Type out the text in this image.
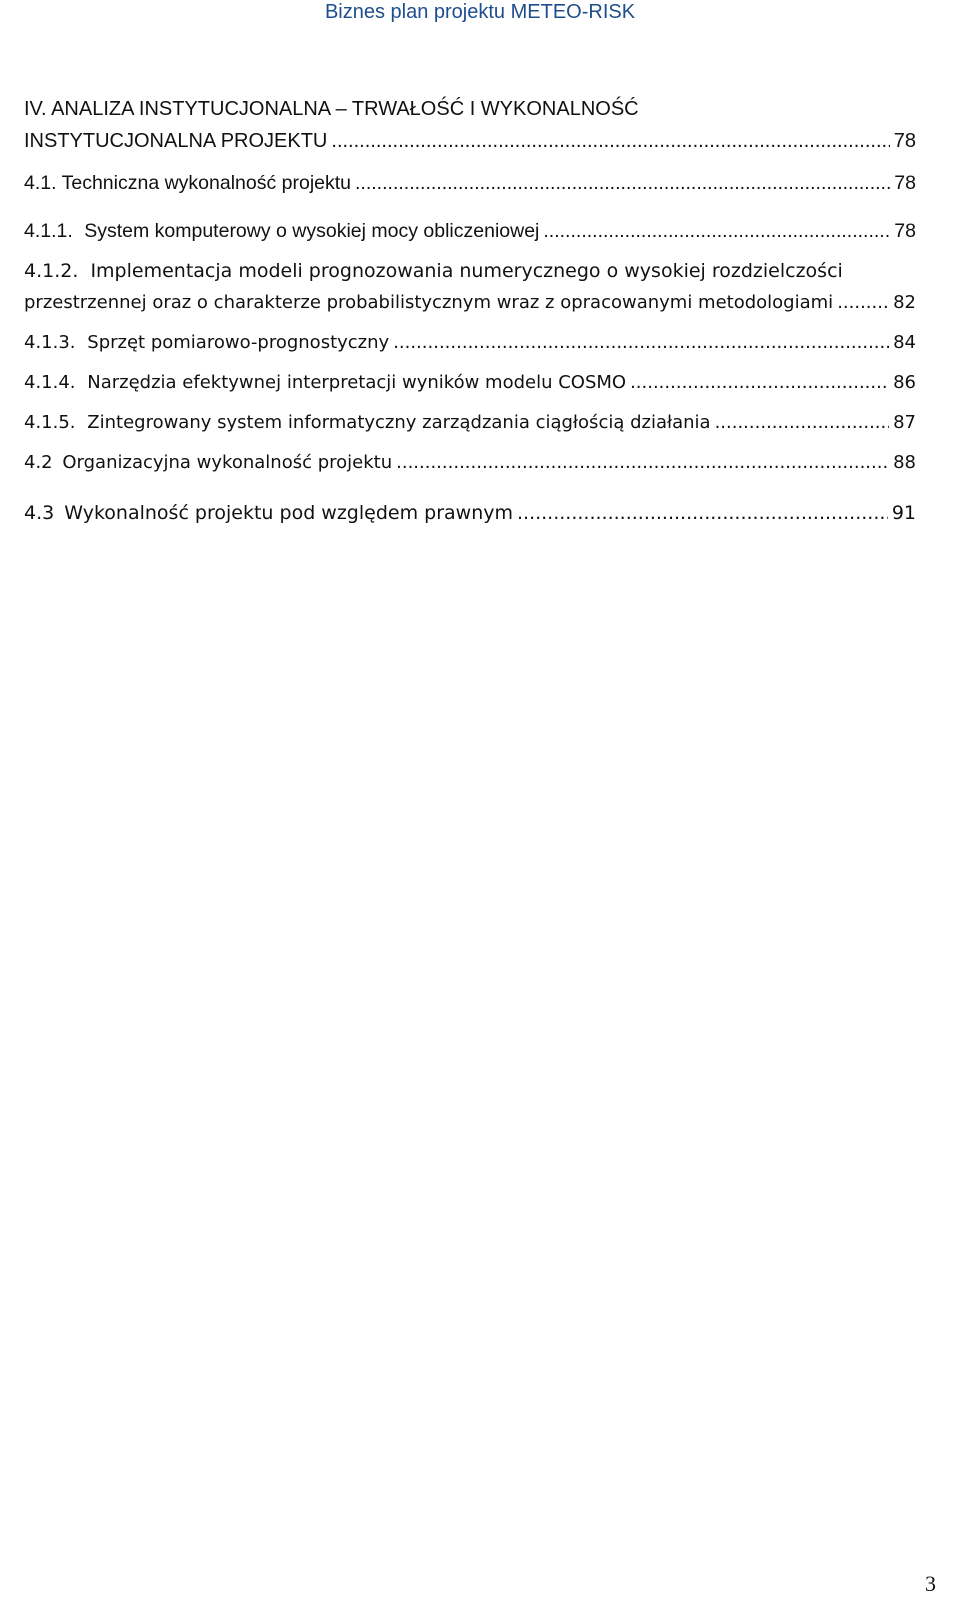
Biznes plan projektu METEO-RISK
IV. ANALIZA INSTYTUCJONALNA – TRWAŁOŚĆ I WYKONALNOŚĆ
INSTYTUCJONALNA PROJEKTU .....	78
4.1. Techniczna wykonalność projektu .....	78
4.1.1. System komputerowy o wysokiej mocy obliczeniowej .....	78
4.1.2. Implementacja modeli prognozowania numerycznego o wysokiej rozdzielczości
przestrzennej oraz o charakterze probabilistycznym wraz z opracowanymi metodologiami .....	82
4.1.3. Sprzęt pomiarowo-prognostyczny .....	84
4.1.4. Narzędzia efektywnej interpretacji wyników modelu COSMO .....	86
4.1.5. Zintegrowany system informatyczny zarządzania ciągłością działania .....	87
4.2 Organizacyjna wykonalność projektu .....	88
4.3 Wykonalność projektu pod względem prawnym .....	91
3
